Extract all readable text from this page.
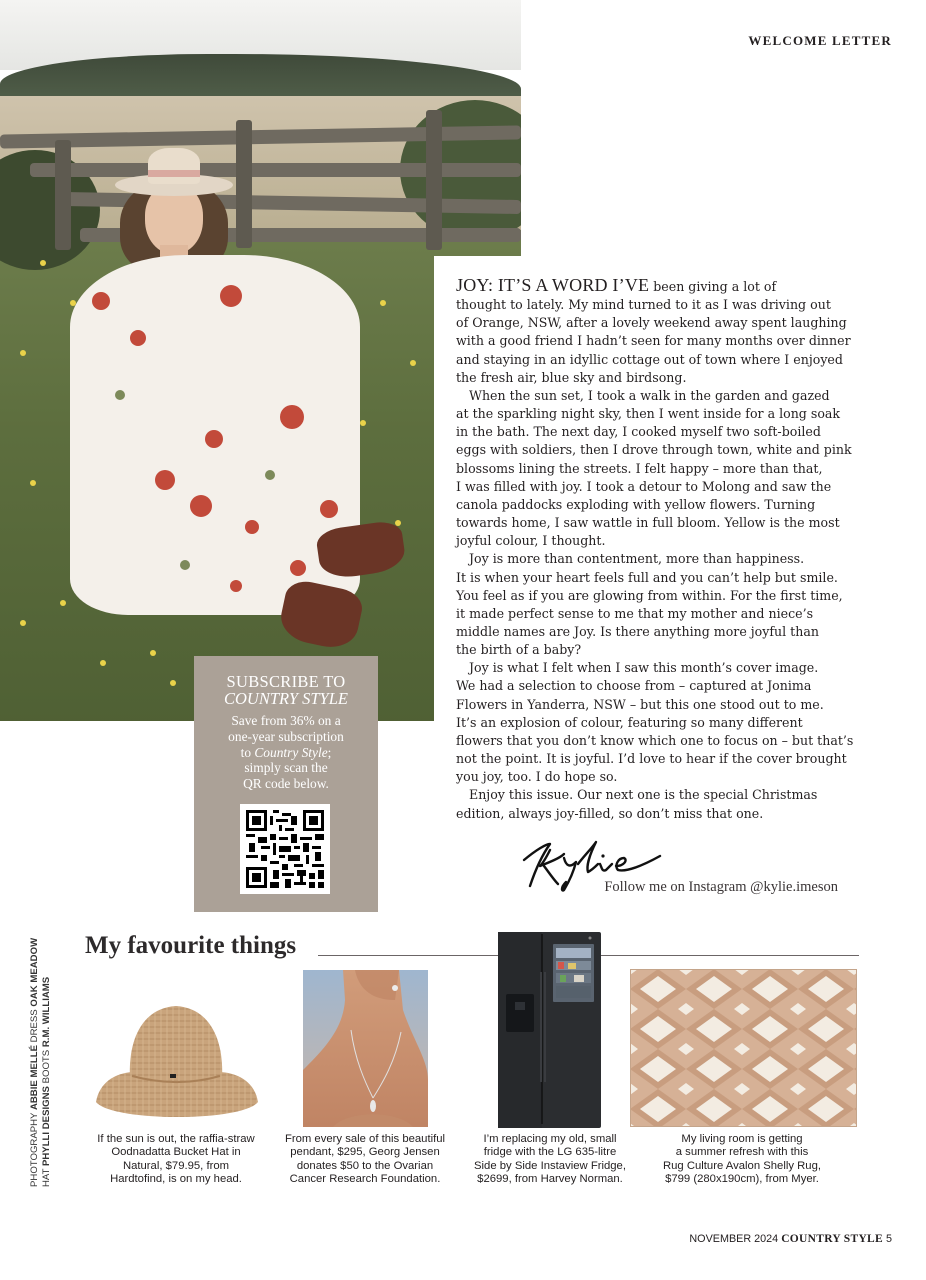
WELCOME LETTER
SUBSCRIBE TO
COUNTRY STYLE
Save from 36% on a
one-year subscription
to Country Style;
simply scan the
QR code below.

JOY: IT’S A WORD I’VE been giving a lot of
thought to lately. My mind turned to it as I was driving out
of Orange, NSW, after a lovely weekend away spent laughing
with a good friend I hadn’t seen for many months over dinner
and staying in an idyllic cottage out of town where I enjoyed
the fresh air, blue sky and birdsong.

When the sun set, I took a walk in the garden and gazed
at the sparkling night sky, then I went inside for a long soak
in the bath. The next day, I cooked myself two soft-boiled
eggs with soldiers, then I drove through town, white and pink
blossoms lining the streets. I felt happy – more than that,
I was filled with joy. I took a detour to Molong and saw the
canola paddocks exploding with yellow flowers. Turning
towards home, I saw wattle in full bloom. Yellow is the most
joyful colour, I thought.

Joy is more than contentment, more than happiness.
It is when your heart feels full and you can’t help but smile.
You feel as if you are glowing from within. For the first time,
it made perfect sense to me that my mother and niece’s
middle names are Joy. Is there anything more joyful than
the birth of a baby?

Joy is what I felt when I saw this month’s cover image.
We had a selection to choose from – captured at Jonima
Flowers in Yanderra, NSW – but this one stood out to me.
It’s an explosion of colour, featuring so many different
flowers that you don’t know which one to focus on – but that’s
not the point. It is joyful. I’d love to hear if the cover brought
you joy, too. I do hope so.

Enjoy this issue. Our next one is the special Christmas
edition, always joy-filled, so don’t miss that one.

Follow me on Instagram @kylie.imeson
My favourite things
PHOTOGRAPHY ABBIE MELLÉ DRESS OAK MEADOW
HAT PHYLLI DESIGNS BOOTS R.M. WILLIAMS
If the sun is out, the raffia-straw
Oodnadatta Bucket Hat in
Natural, $79.95, from
Hardtofind, is on my head.
From every sale of this beautiful
pendant, $295, Georg Jensen
donates $50 to the Ovarian
Cancer Research Foundation.
I’m replacing my old, small
fridge with the LG 635-litre
Side by Side Instaview Fridge,
$2699, from Harvey Norman.
My living room is getting
a summer refresh with this
Rug Culture Avalon Shelly Rug,
$799 (280x190cm), from Myer.
NOVEMBER 2024 COUNTRY STYLE 5
